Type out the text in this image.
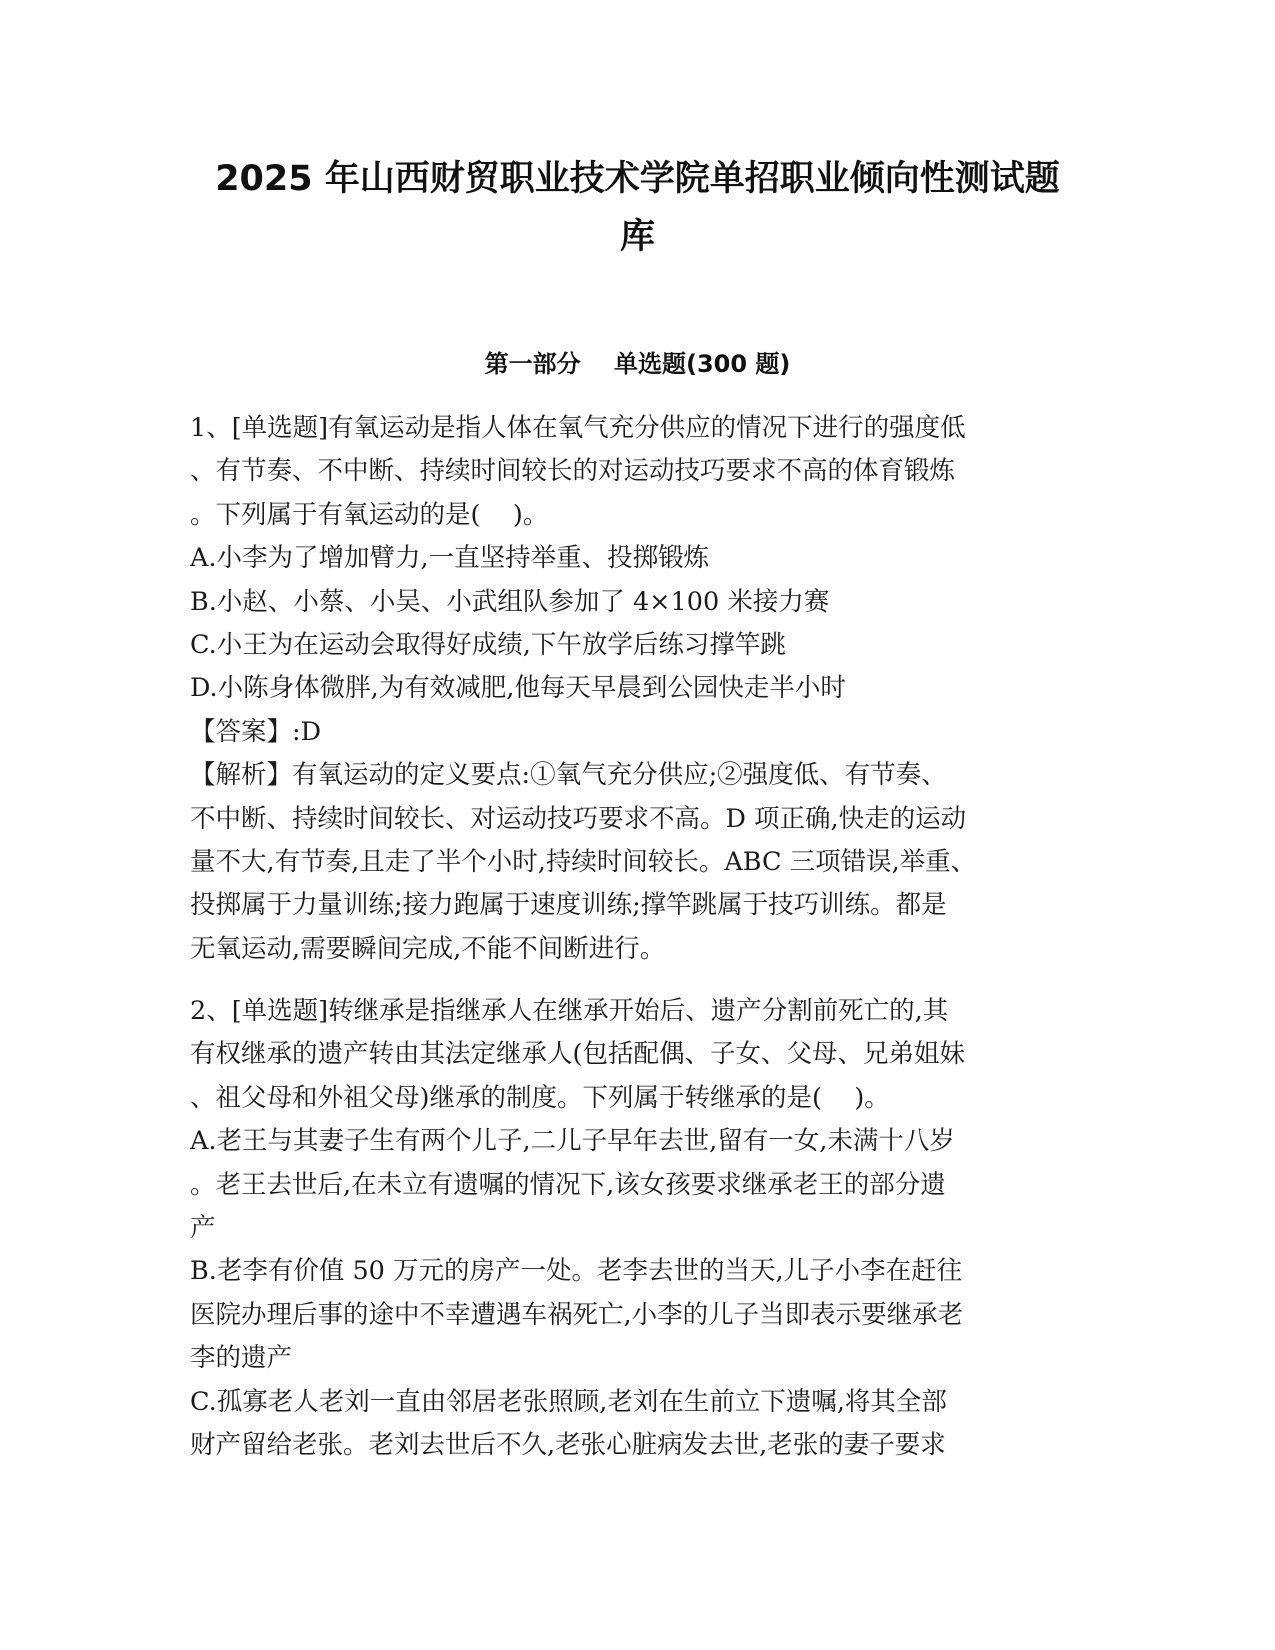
2025 年山西财贸职业技术学院单招职业倾向性测试题
库
第一部分    单选题(300 题)
1、[单选题]有氧运动是指人体在氧气充分供应的情况下进行的强度低
、有节奏、不中断、持续时间较长的对运动技巧要求不高的体育锻炼
。下列属于有氧运动的是(    )。
A.小李为了增加臂力,一直坚持举重、投掷锻炼
B.小赵、小蔡、小吴、小武组队参加了 4×100 米接力赛
C.小王为在运动会取得好成绩,下午放学后练习撑竿跳
D.小陈身体微胖,为有效减肥,他每天早晨到公园快走半小时
【答案】:D
【解析】有氧运动的定义要点:①氧气充分供应;②强度低、有节奏、
不中断、持续时间较长、对运动技巧要求不高。D 项正确,快走的运动
量不大,有节奏,且走了半个小时,持续时间较长。ABC 三项错误,举重、
投掷属于力量训练;接力跑属于速度训练;撑竿跳属于技巧训练。都是
无氧运动,需要瞬间完成,不能不间断进行。
2、[单选题]转继承是指继承人在继承开始后、遗产分割前死亡的,其
有权继承的遗产转由其法定继承人(包括配偶、子女、父母、兄弟姐妹
、祖父母和外祖父母)继承的制度。下列属于转继承的是(    )。
A.老王与其妻子生有两个儿子,二儿子早年去世,留有一女,未满十八岁
。老王去世后,在未立有遗嘱的情况下,该女孩要求继承老王的部分遗
产
B.老李有价值 50 万元的房产一处。老李去世的当天,儿子小李在赶往
医院办理后事的途中不幸遭遇车祸死亡,小李的儿子当即表示要继承老
李的遗产
C.孤寡老人老刘一直由邻居老张照顾,老刘在生前立下遗嘱,将其全部
财产留给老张。老刘去世后不久,老张心脏病发去世,老张的妻子要求
